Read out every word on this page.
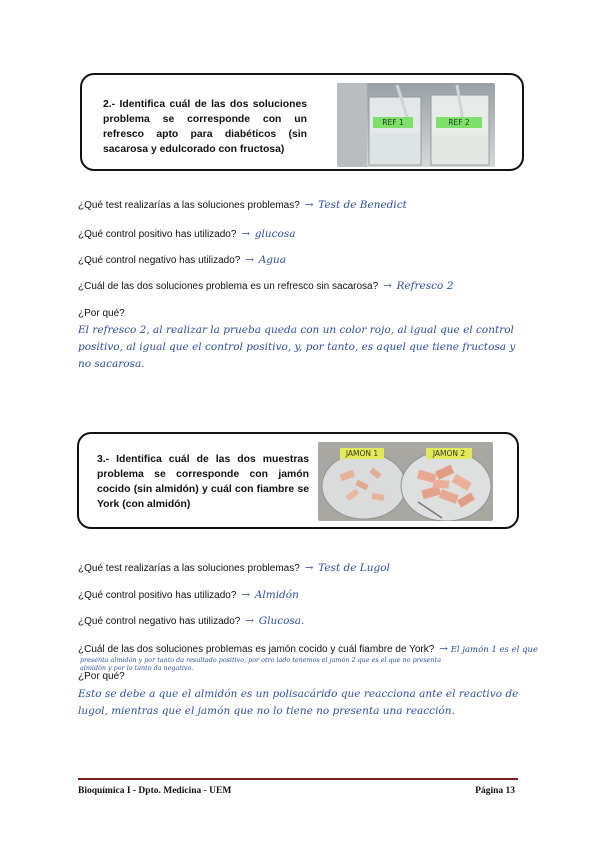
2.- Identifica cuál de las dos soluciones problema se corresponde con un refresco apto para diabéticos (sin sacarosa y edulcorado con fructosa)
REF 1	REF 2
¿Qué test realizarías a las soluciones problemas? → Test de Benedict
¿Qué control positivo has utilizado? → glucosa
¿Qué control negativo has utilizado? → Agua
¿Cuál de las dos soluciones problema es un refresco sin sacarosa? → Refresco 2
¿Por qué?
El refresco 2, al realizar la prueba queda con un color rojo, al igual que el control positivo, al igual que el control positivo, y, por tanto, es aquel que tiene fructosa y no sacarosa.
3.- Identifica cuál de las dos muestras problema se corresponde con jamón cocido (sin almidón) y cuál con fiambre se York (con almidón)
JAMON 1	JAMON 2
¿Qué test realizarías a las soluciones problemas? → Test de Lugol
¿Qué control positivo has utilizado? → Almidón
¿Qué control negativo has utilizado? → Glucosa.
¿Cuál de las dos soluciones problemas es jamón cocido y cuál fiambre de York? → El jamón 1 es el que
presenta almidón y por tanto da resultado positivo, por otro lado tenemos el jamón 2 que es el que no presenta
almidón y por lo tanto da negativo.
¿Por qué?
Esto se debe a que el almidón es un polisacárido que reacciona ante el reactivo de lugol, mientras que el jamón que no lo tiene no presenta una reacción.
Bioquímica I - Dpto. Medicina - UEM	Página 13
